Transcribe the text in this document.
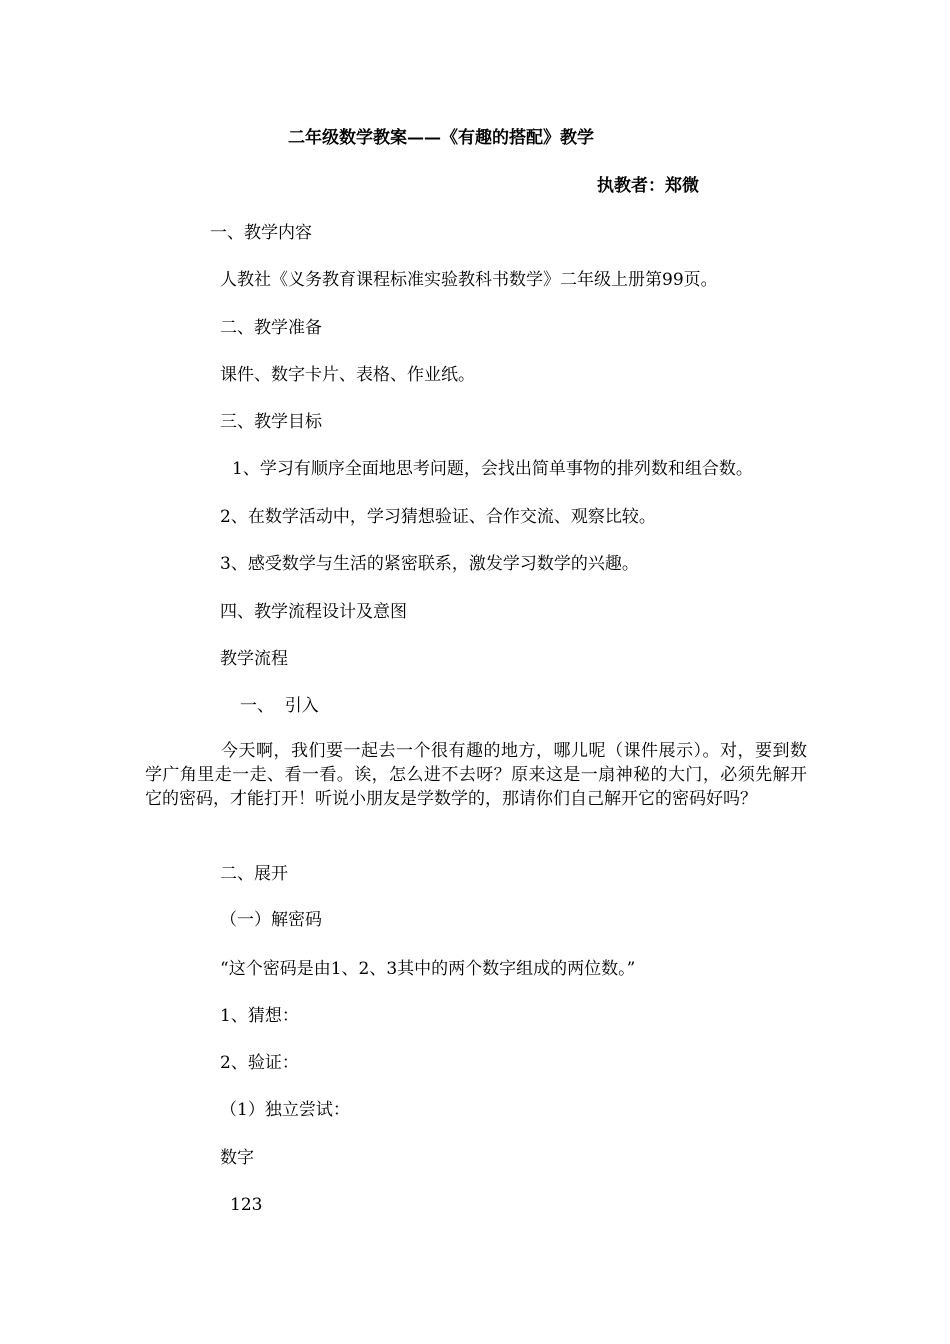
二年级数学教案——《有趣的搭配》教学
执教者：郑微
一、教学内容
人教社《义务教育课程标准实验教科书数学》二年级上册第99页。
二、教学准备
课件、数字卡片、表格、作业纸。
三、教学目标
1、学习有顺序全面地思考问题，会找出简单事物的排列数和组合数。
2、在数学活动中，学习猜想验证、合作交流、观察比较。
3、感受数学与生活的紧密联系，激发学习数学的兴趣。
四、教学流程设计及意图
教学流程
一、  引入
今天啊，我们要一起去一个很有趣的地方，哪儿呢（课件展示）。对，要到数学广角里走一走、看一看。诶，怎么进不去呀？原来这是一扇神秘的大门，必须先解开它的密码，才能打开！听说小朋友是学数学的，那请你们自己解开它的密码好吗？
二、展开
（一）解密码
“这个密码是由1、2、3其中的两个数字组成的两位数。”
1、猜想：
2、验证：
（1）独立尝试：
数字
123
